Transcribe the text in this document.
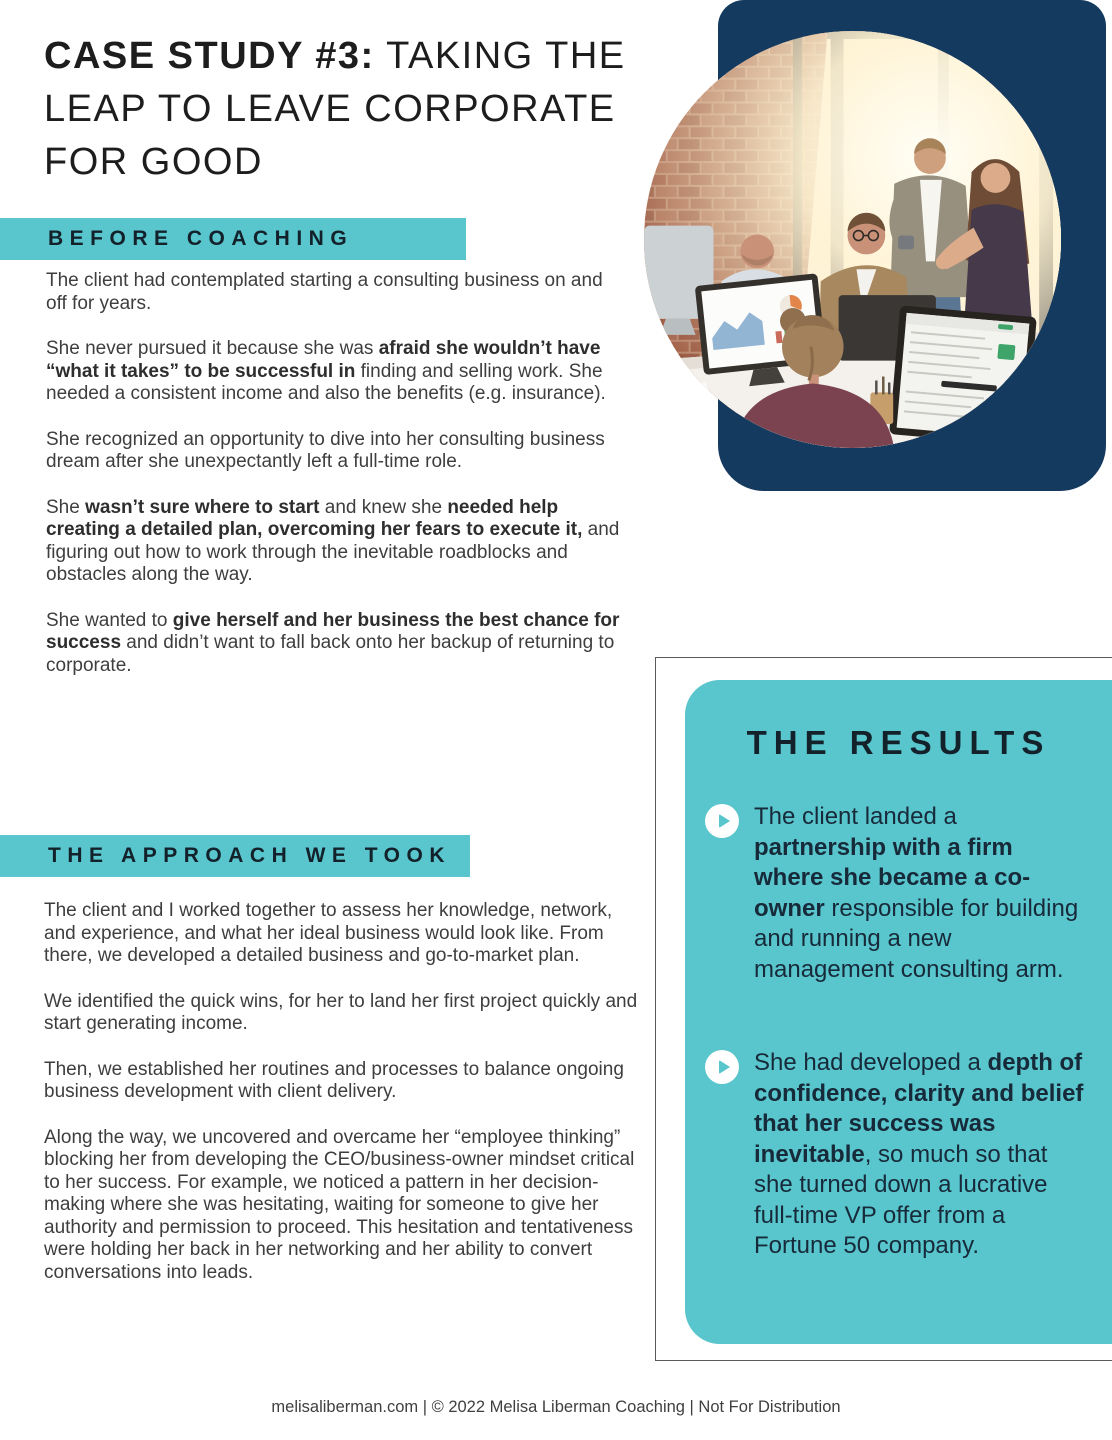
CASE STUDY #3: TAKING THE LEAP TO LEAVE CORPORATE FOR GOOD
BEFORE COACHING

The client had contemplated starting a consulting business on and off for years.

She never pursued it because she was afraid she wouldn’t have “what it takes” to be successful in finding and selling work. She needed a consistent income and also the benefits (e.g. insurance).

She recognized an opportunity to dive into her consulting business dream after she unexpectantly left a full-time role.

She wasn’t sure where to start and knew she needed help creating a detailed plan, overcoming her fears to execute it, and figuring out how to work through the inevitable roadblocks and obstacles along the way.

She wanted to give herself and her business the best chance for success and didn’t want to fall back onto her backup of returning to corporate.

THE APPROACH WE TOOK

The client and I worked together to assess her knowledge, network, and experience, and what her ideal business would look like. From there, we developed a detailed business and go-to-market plan.

We identified the quick wins, for her to land her first project quickly and start generating income.

Then, we established her routines and processes to balance ongoing business development with client delivery.

Along the way, we uncovered and overcame her “employee thinking” blocking her from developing the CEO/business-owner mindset critical to her success. For example, we noticed a pattern in her decision-making where she was hesitating, waiting for someone to give her authority and permission to proceed. This hesitation and tentativeness were holding her back in her networking and her ability to convert conversations into leads.

THE RESULTS
The client landed a partnership with a firm where she became a co-owner responsible for building and running a new management consulting arm.
She had developed a depth of confidence, clarity and belief that her success was inevitable, so much so that she turned down a lucrative full-time VP offer from a Fortune 50 company.
melisaliberman.com | © 2022 Melisa Liberman Coaching | Not For Distribution
